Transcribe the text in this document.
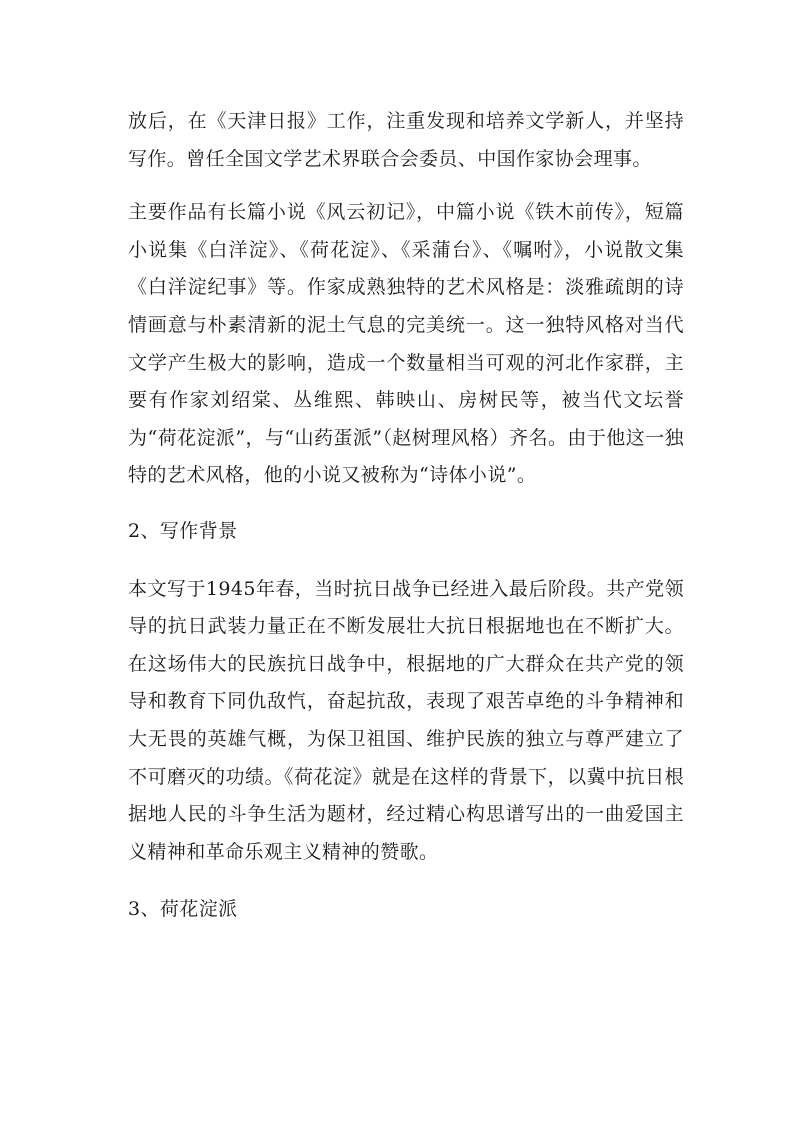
放后，在《天津日报》工作，注重发现和培养文学新人，并坚持写作。曾任全国文学艺术界联合会委员、中国作家协会理事。

主要作品有长篇小说《风云初记》，中篇小说《铁木前传》，短篇小说集《白洋淀》、《荷花淀》、《采蒲台》、《嘱咐》，小说散文集《白洋淀纪事》等。作家成熟独特的艺术风格是：淡雅疏朗的诗情画意与朴素清新的泥土气息的完美统一。这一独特风格对当代文学产生极大的影响，造成一个数量相当可观的河北作家群，主要有作家刘绍棠、丛维熙、韩映山、房树民等，被当代文坛誉为“荷花淀派”，与“山药蛋派”（赵树理风格）齐名。由于他这一独特的艺术风格，他的小说又被称为“诗体小说”。

2、写作背景

本文写于1945年春，当时抗日战争已经进入最后阶段。共产党领导的抗日武装力量正在不断发展壮大抗日根据地也在不断扩大。在这场伟大的民族抗日战争中，根据地的广大群众在共产党的领导和教育下同仇敌忾，奋起抗敌，表现了艰苦卓绝的斗争精神和大无畏的英雄气概，为保卫祖国、维护民族的独立与尊严建立了不可磨灭的功绩。《荷花淀》就是在这样的背景下，以冀中抗日根据地人民的斗争生活为题材，经过精心构思谱写出的一曲爱国主义精神和革命乐观主义精神的赞歌。

3、荷花淀派
